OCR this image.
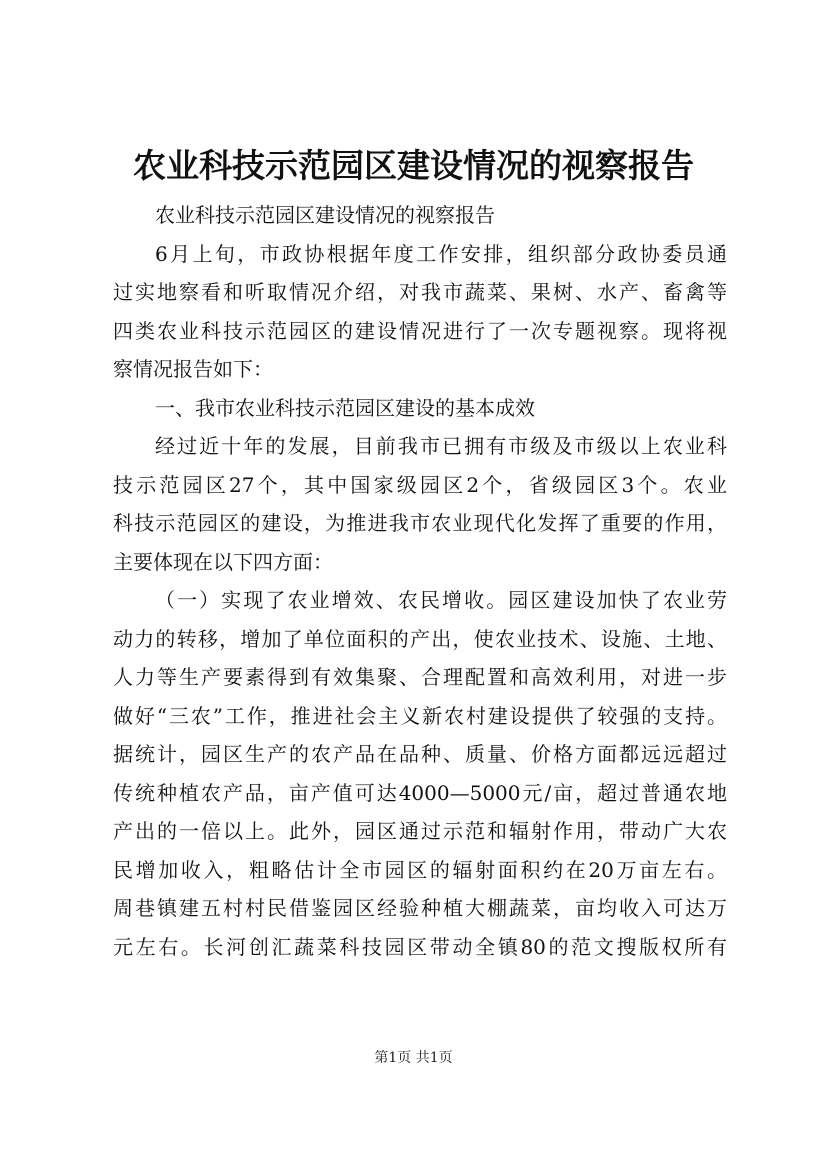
农业科技示范园区建设情况的视察报告
农业科技示范园区建设情况的视察报告
6月上旬，市政协根据年度工作安排，组织部分政协委员通
过实地察看和听取情况介绍，对我市蔬菜、果树、水产、畜禽等
四类农业科技示范园区的建设情况进行了一次专题视察。现将视
察情况报告如下：
一、我市农业科技示范园区建设的基本成效
经过近十年的发展，目前我市已拥有市级及市级以上农业科
技示范园区27个，其中国家级园区2个，省级园区3个。农业
科技示范园区的建设，为推进我市农业现代化发挥了重要的作用，
主要体现在以下四方面：
（一）实现了农业增效、农民增收。园区建设加快了农业劳
动力的转移，增加了单位面积的产出，使农业技术、设施、土地、
人力等生产要素得到有效集聚、合理配置和高效利用，对进一步
做好“三农”工作，推进社会主义新农村建设提供了较强的支持。
据统计，园区生产的农产品在品种、质量、价格方面都远远超过
传统种植农产品，亩产值可达4000—5000元/亩，超过普通农地
产出的一倍以上。此外，园区通过示范和辐射作用，带动广大农
民增加收入，粗略估计全市园区的辐射面积约在20万亩左右。
周巷镇建五村村民借鉴园区经验种植大棚蔬菜，亩均收入可达万
元左右。长河创汇蔬菜科技园区带动全镇80的范文搜版权所有
第1页 共1页
